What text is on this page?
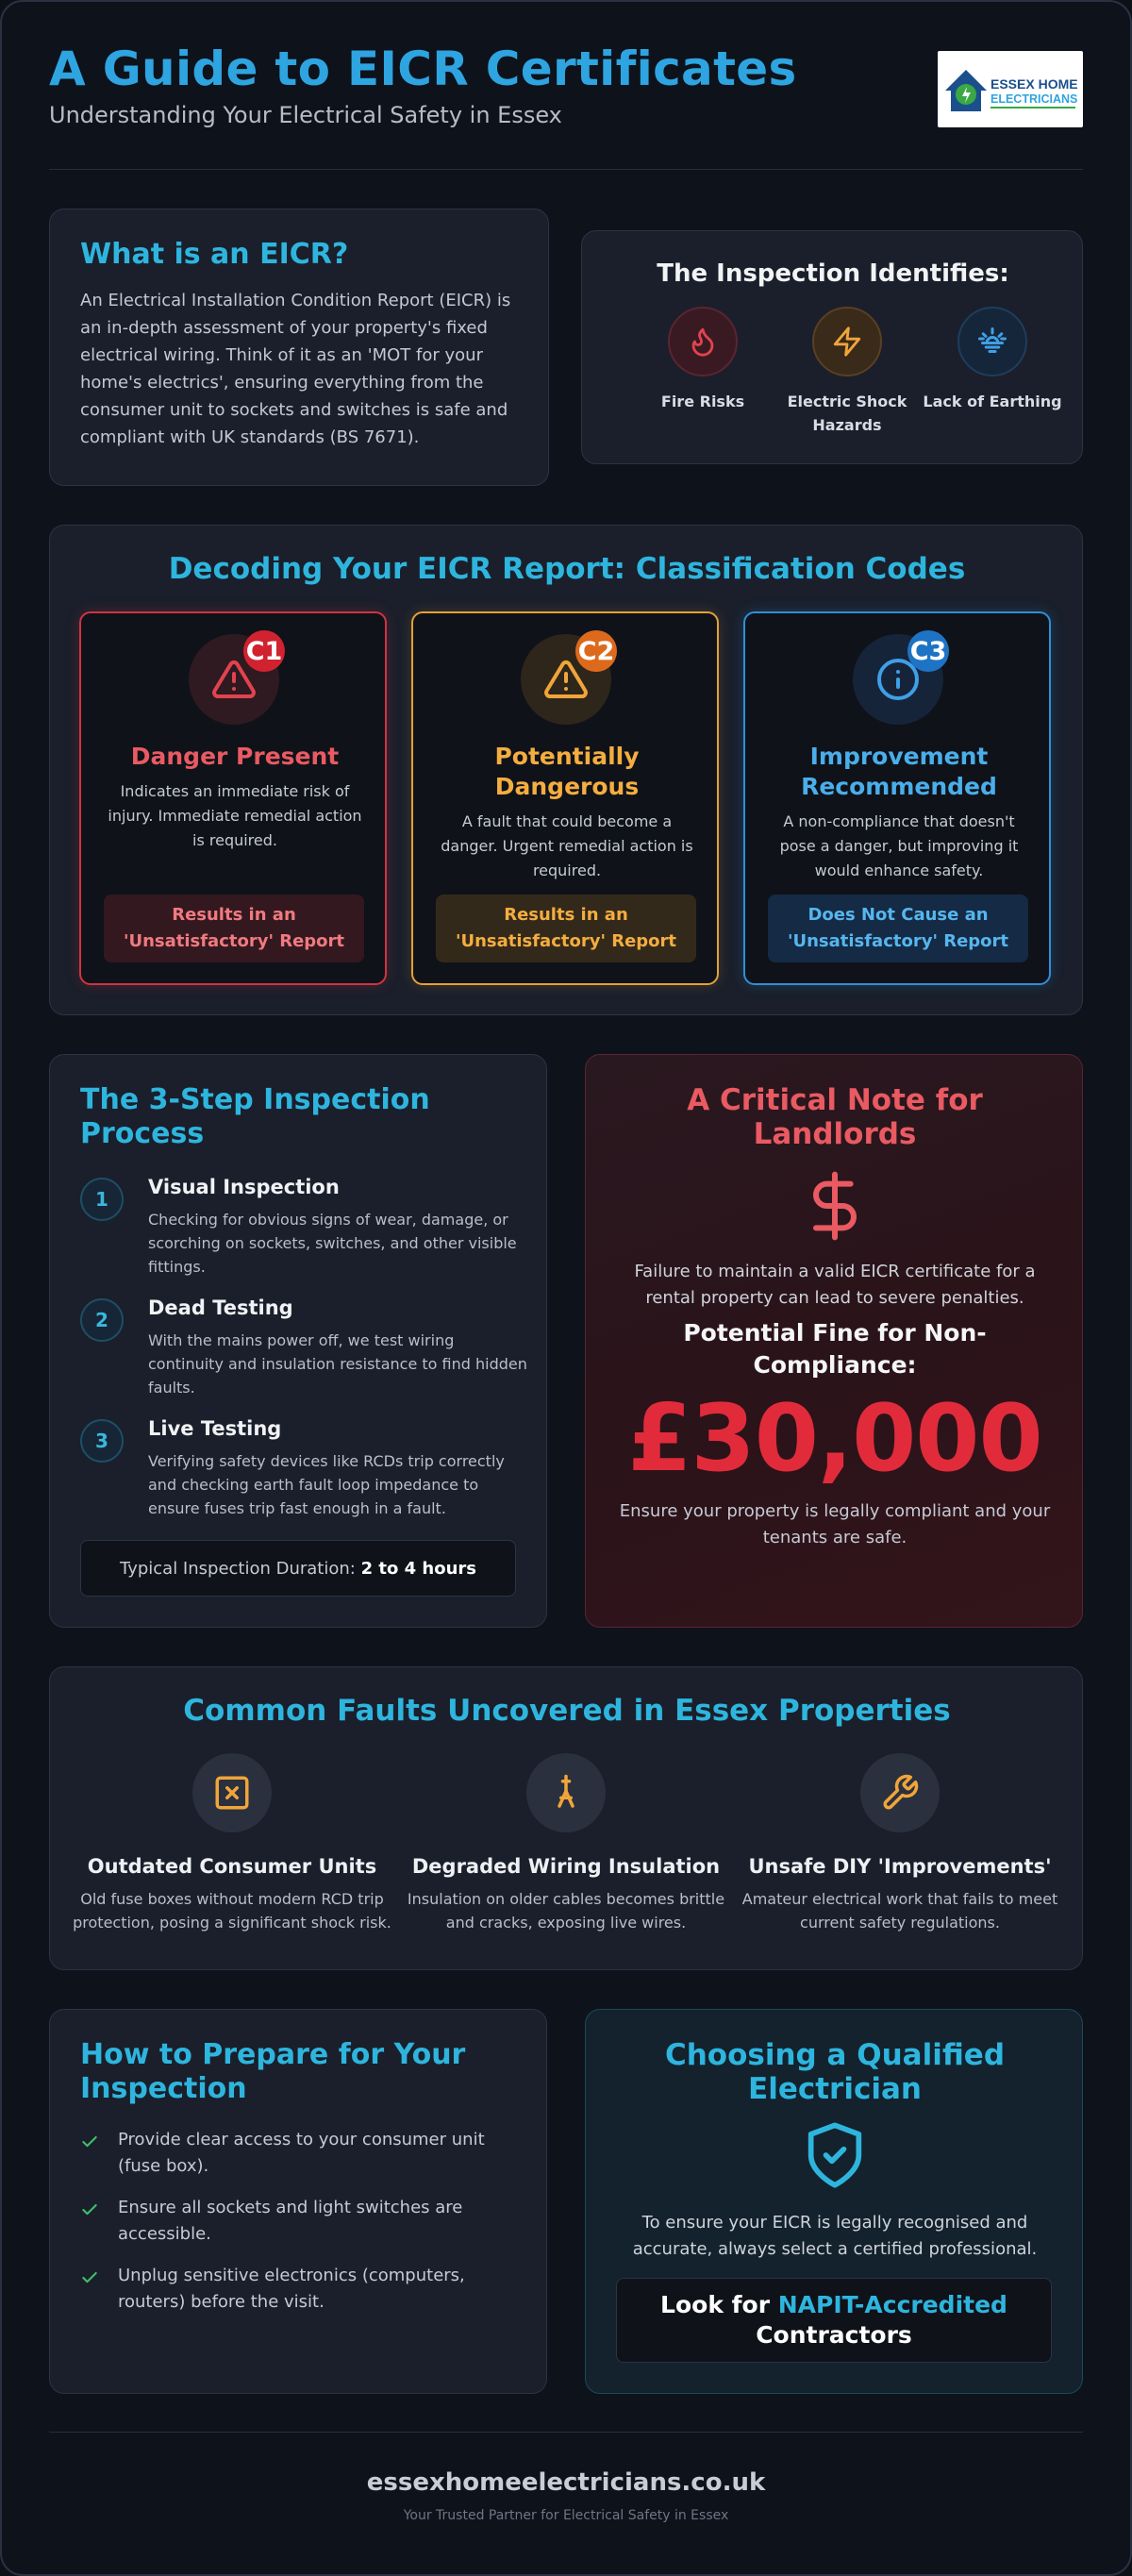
A Guide to EICR Certificates
Understanding Your Electrical Safety in Essex
ESSEX HOME
ELECTRICIANS
What is an EICR?
An Electrical Installation Condition Report (EICR) is an in-depth assessment of your property's fixed electrical wiring. Think of it as an 'MOT for your home's electrics', ensuring everything from the consumer unit to sockets and switches is safe and compliant with UK standards (BS 7671).
The Inspection Identifies:
Fire Risks	Electric Shock Hazards
Lack of Earthing
Decoding Your EICR Report: Classification Codes
C1
Danger Present
Indicates an immediate risk of injury. Immediate remedial action is required.
Results in an 'Unsatisfactory' Report
C2
Potentially Dangerous
A fault that could become a danger. Urgent remedial action is required.
Results in an 'Unsatisfactory' Report
C3
Improvement Recommended
A non-compliance that doesn't pose a danger, but improving it would enhance safety.
Does Not Cause an 'Unsatisfactory' Report
The 3-Step Inspection Process
1
Visual Inspection
Checking for obvious signs of wear, damage, or scorching on sockets, switches, and other visible fittings.
2
Dead Testing
With the mains power off, we test wiring continuity and insulation resistance to find hidden faults.
3
Live Testing
Verifying safety devices like RCDs trip correctly and checking earth fault loop impedance to ensure fuses trip fast enough in a fault.
Typical Inspection Duration:
2 to 4 hours
A Critical Note for Landlords
Failure to maintain a valid EICR certificate for a rental property can lead to severe penalties.
Potential Fine for Non-Compliance:
£30,000
Ensure your property is legally compliant and your tenants are safe.
Common Faults Uncovered in Essex Properties
Outdated Consumer Units
Old fuse boxes without modern RCD trip protection, posing a significant shock risk.
Degraded Wiring Insulation
Insulation on older cables becomes brittle and cracks, exposing live wires.
Unsafe DIY 'Improvements'
Amateur electrical work that fails to meet current safety regulations.
How to Prepare for Your Inspection
Provide clear access to your consumer unit (fuse box).
Ensure all sockets and light switches are accessible.
Unplug sensitive electronics (computers, routers) before the visit.
Choosing a Qualified Electrician
To ensure your EICR is legally recognised and accurate, always select a certified professional.
Look for NAPIT-Accredited
Contractors
essexhomeelectricians.co.uk
Your Trusted Partner for Electrical Safety in Essex
